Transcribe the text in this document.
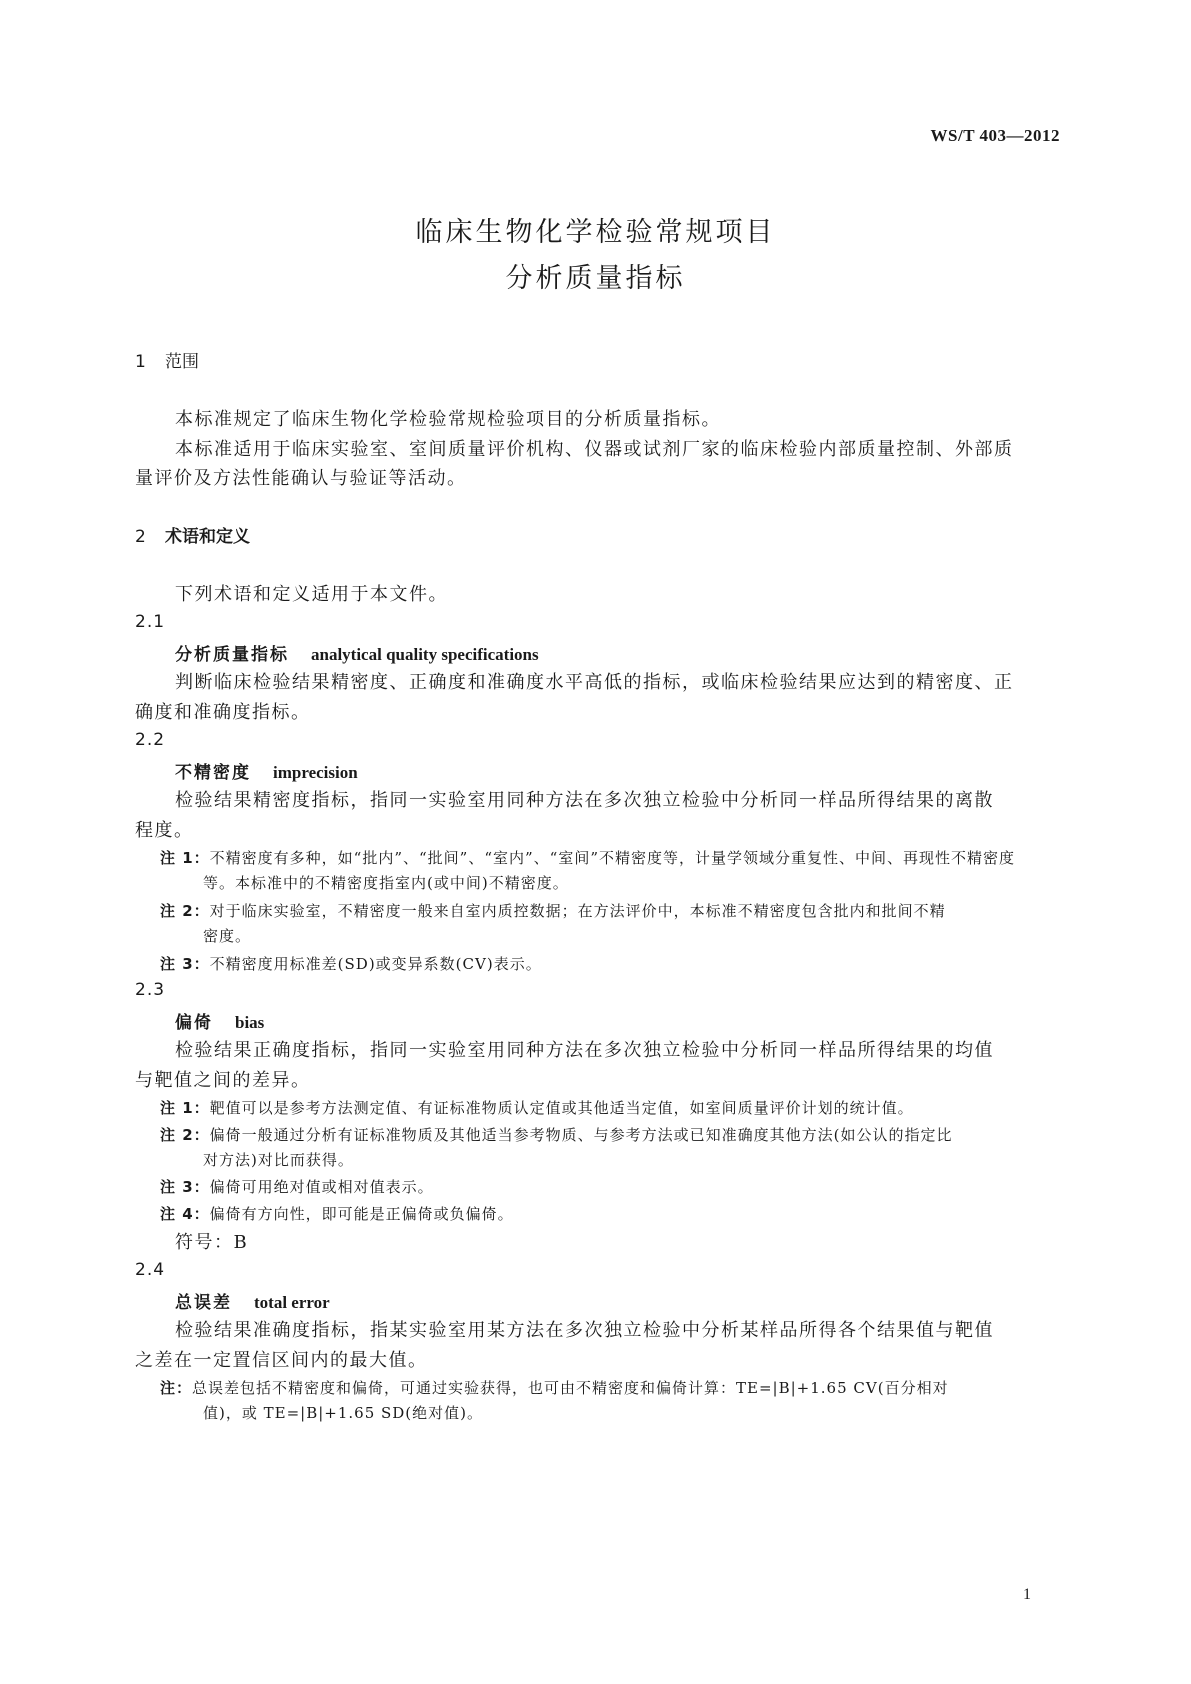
WS/T 403—2012
临床生物化学检验常规项目
分析质量指标
1 范围
本标准规定了临床生物化学检验常规检验项目的分析质量指标。
本标准适用于临床实验室、室间质量评价机构、仪器或试剂厂家的临床检验内部质量控制、外部质
量评价及方法性能确认与验证等活动。
2 术语和定义
下列术语和定义适用于本文件。
2.1
分析质量指标 analytical quality specifications
判断临床检验结果精密度、正确度和准确度水平高低的指标，或临床检验结果应达到的精密度、正
确度和准确度指标。
2.2
不精密度 imprecision
检验结果精密度指标，指同一实验室用同种方法在多次独立检验中分析同一样品所得结果的离散
程度。
注 1：不精密度有多种，如“批内”、“批间”、“室内”、“室间”不精密度等，计量学领域分重复性、中间、再现性不精密度
等。本标准中的不精密度指室内(或中间)不精密度。
注 2：对于临床实验室，不精密度一般来自室内质控数据；在方法评价中，本标准不精密度包含批内和批间不精
密度。
注 3：不精密度用标准差(SD)或变异系数(CV)表示。
2.3
偏倚 bias
检验结果正确度指标，指同一实验室用同种方法在多次独立检验中分析同一样品所得结果的均值
与靶值之间的差异。
注 1：靶值可以是参考方法测定值、有证标准物质认定值或其他适当定值，如室间质量评价计划的统计值。
注 2：偏倚一般通过分析有证标准物质及其他适当参考物质、与参考方法或已知准确度其他方法(如公认的指定比
对方法)对比而获得。
注 3：偏倚可用绝对值或相对值表示。
注 4：偏倚有方向性，即可能是正偏倚或负偏倚。
符号：B
2.4
总误差 total error
检验结果准确度指标，指某实验室用某方法在多次独立检验中分析某样品所得各个结果值与靶值
之差在一定置信区间内的最大值。
注：总误差包括不精密度和偏倚，可通过实验获得，也可由不精密度和偏倚计算：TE=|B|+1.65 CV(百分相对
值)，或 TE=|B|+1.65 SD(绝对值)。
1
